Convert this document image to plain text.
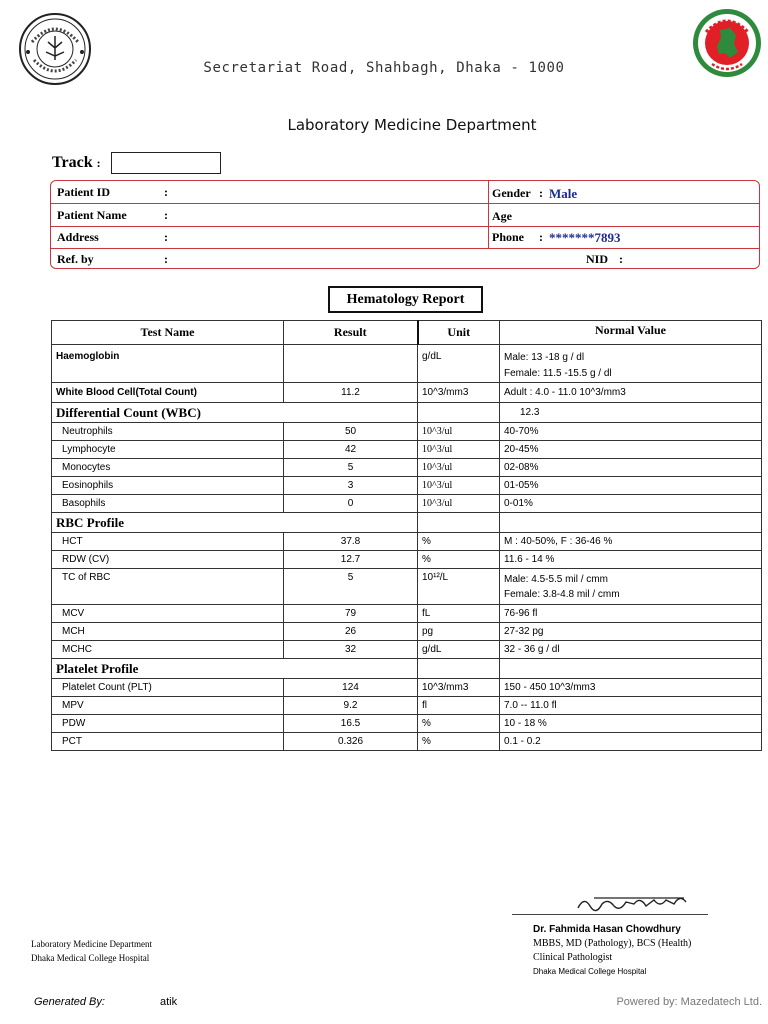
Secretariat Road, Shahbagh, Dhaka - 1000
Laboratory Medicine Department
Track :
Patient ID	:
Patient Name	:
Address	:
Ref. by	:
Gender : Male
Age
Phone : *******7893
NID :
Hematology Report
Test Name	Result	Unit	Normal Value
Haemoglobin		g/dL	Male: 13 -18 g / dl
Female: 11.5 -15.5 g / dl

White Blood Cell(Total Count)	11.2	10^3/mm3	Adult : 4.0 - 11.0 10^3/mm3
Differential Count (WBC)			12.3
Neutrophils	50	10^3/ul	40-70%
Lymphocyte	42	10^3/ul	20-45%
Monocytes	5	10^3/ul	02-08%
Eosinophils	3	10^3/ul	01-05%
Basophils	0	10^3/ul	0-01%
RBC Profile			
HCT	37.8	%	M : 40-50%, F : 36-46 %
RDW (CV)	12.7	%	11.6 - 14 %
TC of RBC	5	10¹²/L	Male: 4.5-5.5 mil / cmm
Female: 3.8-4.8 mil / cmm

MCV	79	fL	76-96 fl
MCH	26	pg	27-32 pg
MCHC	32	g/dL	32 - 36 g / dl
Platelet Profile			
Platelet Count (PLT)	124	10^3/mm3	150 - 450 10^3/mm3
MPV	9.2	fl	7.0 -- 11.0 fl
PDW	16.5	%	10 - 18 %
PCT	0.326	%	0.1 - 0.2
Dr. Fahmida Hasan Chowdhury
MBBS, MD (Pathology), BCS (Health)
Clinical Pathologist
Dhaka Medical College Hospital
Laboratory Medicine Department
Dhaka Medical College Hospital
Generated By:	atik	Powered by: Mazedatech Ltd.
